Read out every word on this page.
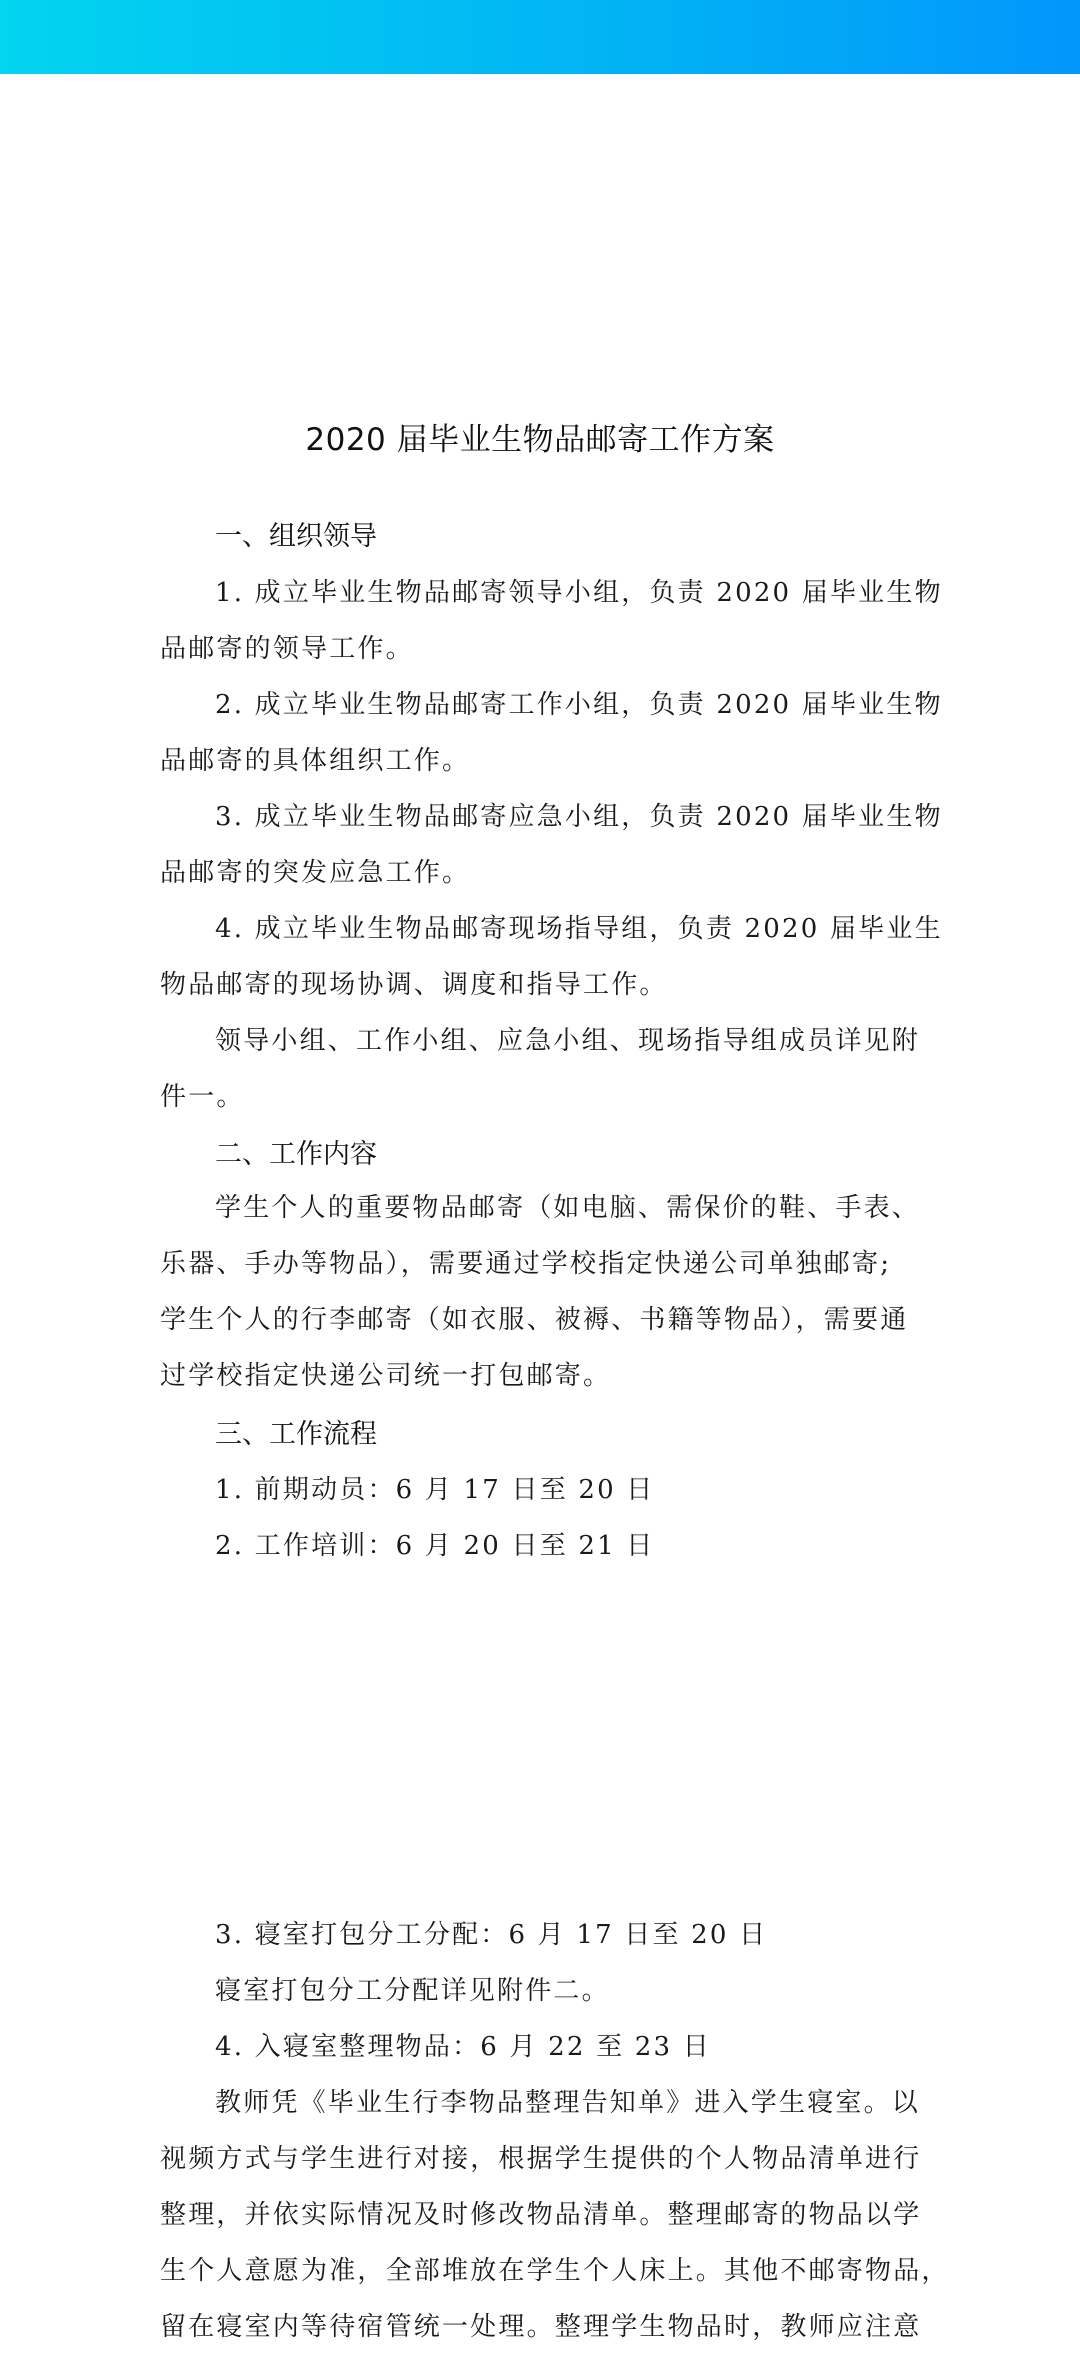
2020 届毕业生物品邮寄工作方案
一、组织领导
1. 成立毕业生物品邮寄领导小组，负责 2020 届毕业生物
品邮寄的领导工作。
2. 成立毕业生物品邮寄工作小组，负责 2020 届毕业生物
品邮寄的具体组织工作。
3. 成立毕业生物品邮寄应急小组，负责 2020 届毕业生物
品邮寄的突发应急工作。
4. 成立毕业生物品邮寄现场指导组，负责 2020 届毕业生
物品邮寄的现场协调、调度和指导工作。
领导小组、工作小组、应急小组、现场指导组成员详见附
件一。
二、工作内容
学生个人的重要物品邮寄（如电脑、需保价的鞋、手表、
乐器、手办等物品），需要通过学校指定快递公司单独邮寄;
学生个人的行李邮寄（如衣服、被褥、书籍等物品），需要通
过学校指定快递公司统一打包邮寄。
三、工作流程
1. 前期动员：6 月 17 日至 20 日
2. 工作培训：6 月 20 日至 21 日
3. 寝室打包分工分配：6 月 17 日至 20 日
寝室打包分工分配详见附件二。
4. 入寝室整理物品：6 月 22 至 23 日
教师凭《毕业生行李物品整理告知单》进入学生寝室。以
视频方式与学生进行对接，根据学生提供的个人物品清单进行
整理，并依实际情况及时修改物品清单。整理邮寄的物品以学
生个人意愿为准，全部堆放在学生个人床上。其他不邮寄物品，
留在寝室内等待宿管统一处理。整理学生物品时，教师应注意
